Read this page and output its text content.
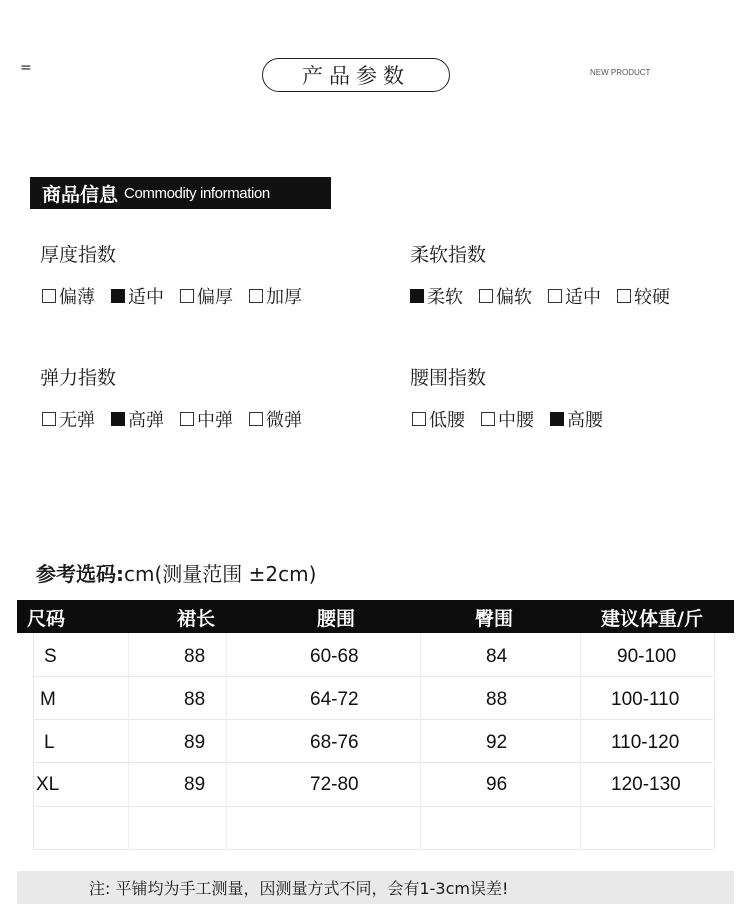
=	产品参数	NEW PRODUCT
商品信息 Commodity information
厚度指数
偏薄 适中 偏厚 加厚
柔软指数
柔软 偏软 适中 较硬
弹力指数
无弹 高弹 中弹 微弹
腰围指数
低腰 中腰 高腰
参考选码:cm(测量范围 ±2cm)
尺码	裙长	腰围	臀围	建议体重/斤
S	88	60-68	84	90-100
M	88	64-72	88	100-110
L	89	68-76	92	110-120
XL	89	72-80	96	120-130
注: 平铺均为手工测量，因测量方式不同，会有1-3cm误差!
